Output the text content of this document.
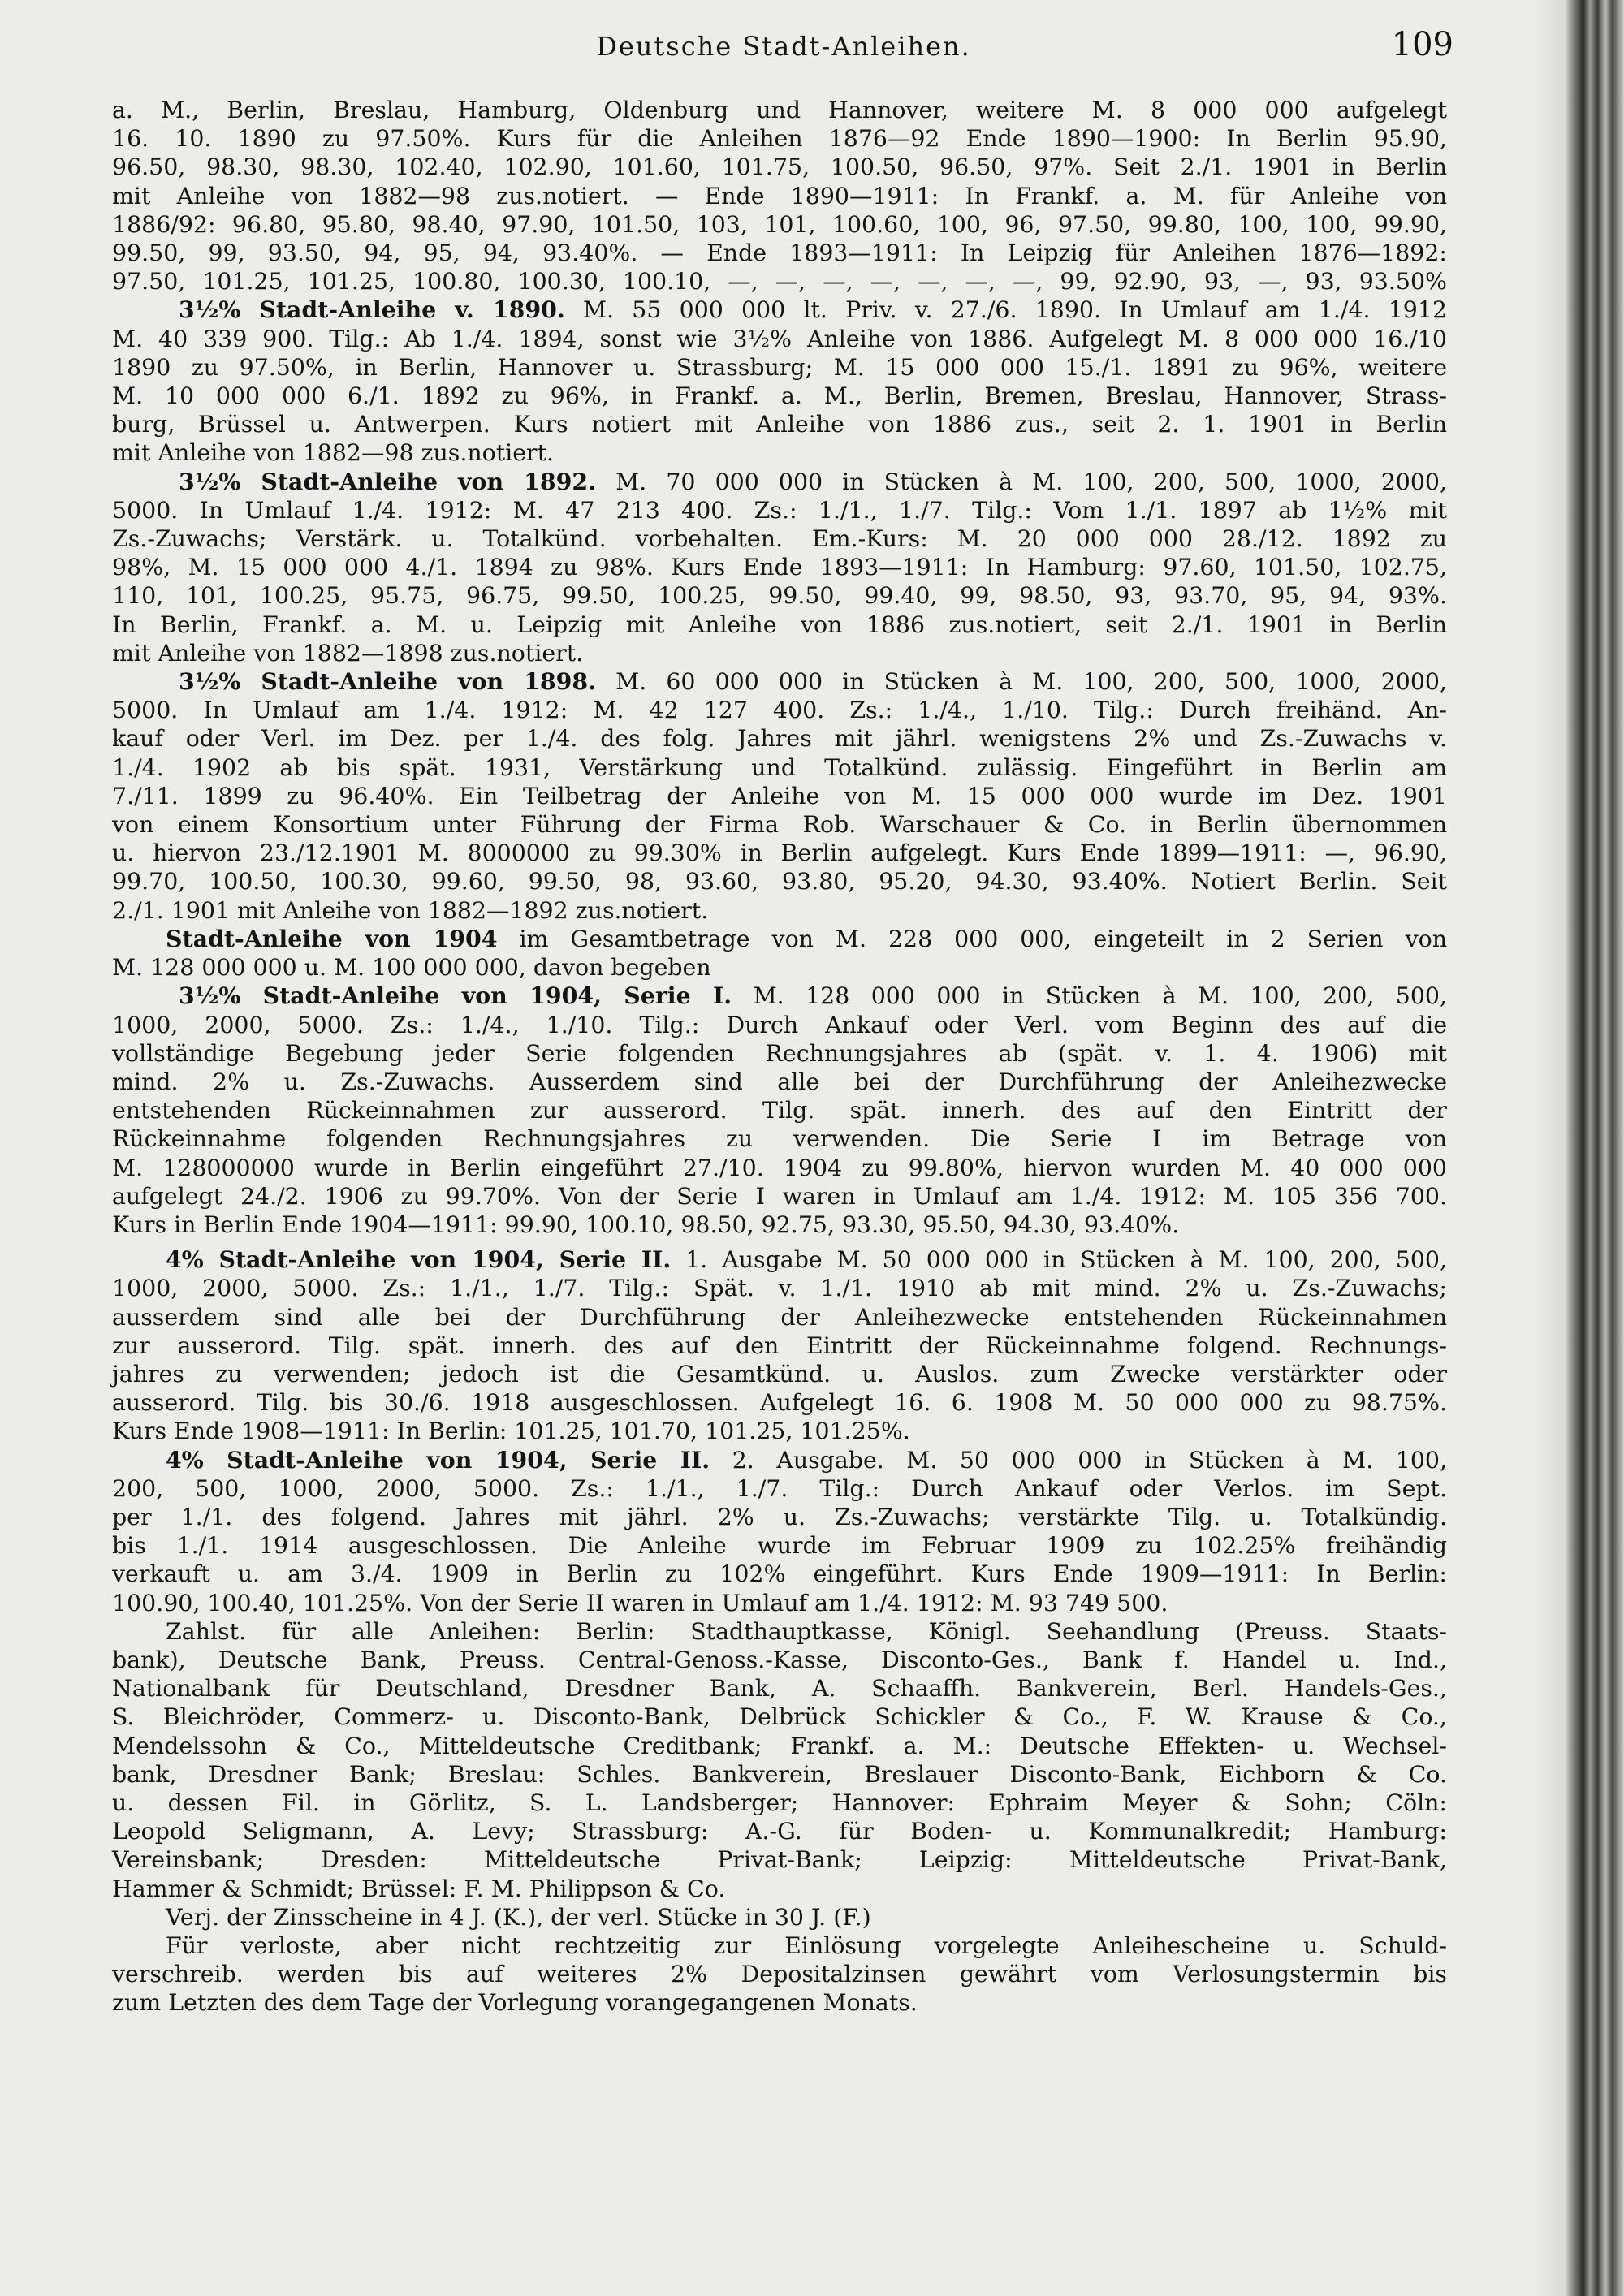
Deutsche Stadt-Anleihen.	109

a. M., Berlin, Breslau, Hamburg, Oldenburg und Hannover, weitere M. 8 000 000 aufgelegt
16. 10. 1890 zu 97.50%. Kurs für die Anleihen 1876—92 Ende 1890—1900: In Berlin 95.90,
96.50, 98.30, 98.30, 102.40, 102.90, 101.60, 101.75, 100.50, 96.50, 97%. Seit 2./1. 1901 in Berlin
mit Anleihe von 1882—98 zus.notiert. — Ende 1890—1911: In Frankf. a. M. für Anleihe von
1886/92: 96.80, 95.80, 98.40, 97.90, 101.50, 103, 101, 100.60, 100, 96, 97.50, 99.80, 100, 100, 99.90,
99.50, 99, 93.50, 94, 95, 94, 93.40%. — Ende 1893—1911: In Leipzig für Anleihen 1876—1892:

97.50, 101.25, 101.25, 100.80, 100.30, 100.10, —, —, —, —, —, —, —, 99, 92.90, 93, —, 93, 93.50%

3½% Stadt-Anleihe v. 1890. M. 55 000 000 lt. Priv. v. 27./6. 1890. In Umlauf am 1./4. 1912
M. 40 339 900. Tilg.: Ab 1./4. 1894, sonst wie 3½% Anleihe von 1886. Aufgelegt M. 8 000 000 16./10
1890 zu 97.50%, in Berlin, Hannover u. Strassburg; M. 15 000 000 15./1. 1891 zu 96%, weitere
M. 10 000 000 6./1. 1892 zu 96%, in Frankf. a. M., Berlin, Bremen, Breslau, Hannover, Strass-
burg, Brüssel u. Antwerpen. Kurs notiert mit Anleihe von 1886 zus., seit 2. 1. 1901 in Berlin
mit Anleihe von 1882—98 zus.notiert.

3½% Stadt-Anleihe von 1892. M. 70 000 000 in Stücken à M. 100, 200, 500, 1000, 2000,
5000. In Umlauf 1./4. 1912: M. 47 213 400. Zs.: 1./1., 1./7. Tilg.: Vom 1./1. 1897 ab 1½% mit
Zs.-Zuwachs; Verstärk. u. Totalkünd. vorbehalten. Em.-Kurs: M. 20 000 000 28./12. 1892 zu
98%, M. 15 000 000 4./1. 1894 zu 98%. Kurs Ende 1893—1911: In Hamburg: 97.60, 101.50, 102.75,
110, 101, 100.25, 95.75, 96.75, 99.50, 100.25, 99.50, 99.40, 99, 98.50, 93, 93.70, 95, 94, 93%.
In Berlin, Frankf. a. M. u. Leipzig mit Anleihe von 1886 zus.notiert, seit 2./1. 1901 in Berlin
mit Anleihe von 1882—1898 zus.notiert.

3½% Stadt-Anleihe von 1898. M. 60 000 000 in Stücken à M. 100, 200, 500, 1000, 2000,
5000. In Umlauf am 1./4. 1912: M. 42 127 400. Zs.: 1./4., 1./10. Tilg.: Durch freihänd. An-
kauf oder Verl. im Dez. per 1./4. des folg. Jahres mit jährl. wenigstens 2% und Zs.-Zuwachs v.
1./4. 1902 ab bis spät. 1931, Verstärkung und Totalkünd. zulässig. Eingeführt in Berlin am
7./11. 1899 zu 96.40%. Ein Teilbetrag der Anleihe von M. 15 000 000 wurde im Dez. 1901
von einem Konsortium unter Führung der Firma Rob. Warschauer & Co. in Berlin übernommen
u. hiervon 23./12.1901 M. 8000000 zu 99.30% in Berlin aufgelegt. Kurs Ende 1899—1911: —, 96.90,
99.70, 100.50, 100.30, 99.60, 99.50, 98, 93.60, 93.80, 95.20, 94.30, 93.40%. Notiert Berlin. Seit
2./1. 1901 mit Anleihe von 1882—1892 zus.notiert.

Stadt-Anleihe von 1904 im Gesamtbetrage von M. 228 000 000, eingeteilt in 2 Serien von
M. 128 000 000 u. M. 100 000 000, davon begeben

3½% Stadt-Anleihe von 1904, Serie I. M. 128 000 000 in Stücken à M. 100, 200, 500,
1000, 2000, 5000. Zs.: 1./4., 1./10. Tilg.: Durch Ankauf oder Verl. vom Beginn des auf die
vollständige Begebung jeder Serie folgenden Rechnungsjahres ab (spät. v. 1. 4. 1906) mit
mind. 2% u. Zs.-Zuwachs. Ausserdem sind alle bei der Durchführung der Anleihezwecke
entstehenden Rückeinnahmen zur ausserord. Tilg. spät. innerh. des auf den Eintritt der
Rückeinnahme folgenden Rechnungsjahres zu verwenden. Die Serie I im Betrage von
M. 128000000 wurde in Berlin eingeführt 27./10. 1904 zu 99.80%, hiervon wurden M. 40 000 000
aufgelegt 24./2. 1906 zu 99.70%. Von der Serie I waren in Umlauf am 1./4. 1912: M. 105 356 700.
Kurs in Berlin Ende 1904—1911: 99.90, 100.10, 98.50, 92.75, 93.30, 95.50, 94.30, 93.40%.

4% Stadt-Anleihe von 1904, Serie II. 1. Ausgabe M. 50 000 000 in Stücken à M. 100, 200, 500,
1000, 2000, 5000. Zs.: 1./1., 1./7. Tilg.: Spät. v. 1./1. 1910 ab mit mind. 2% u. Zs.-Zuwachs;
ausserdem sind alle bei der Durchführung der Anleihezwecke entstehenden Rückeinnahmen
zur ausserord. Tilg. spät. innerh. des auf den Eintritt der Rückeinnahme folgend. Rechnungs-
jahres zu verwenden; jedoch ist die Gesamtkünd. u. Auslos. zum Zwecke verstärkter oder
ausserord. Tilg. bis 30./6. 1918 ausgeschlossen. Aufgelegt 16. 6. 1908 M. 50 000 000 zu 98.75%.
Kurs Ende 1908—1911: In Berlin: 101.25, 101.70, 101.25, 101.25%.

4% Stadt-Anleihe von 1904, Serie II. 2. Ausgabe. M. 50 000 000 in Stücken à M. 100,
200, 500, 1000, 2000, 5000. Zs.: 1./1., 1./7. Tilg.: Durch Ankauf oder Verlos. im Sept.
per 1./1. des folgend. Jahres mit jährl. 2% u. Zs.-Zuwachs; verstärkte Tilg. u. Totalkündig.
bis 1./1. 1914 ausgeschlossen. Die Anleihe wurde im Februar 1909 zu 102.25% freihändig
verkauft u. am 3./4. 1909 in Berlin zu 102% eingeführt. Kurs Ende 1909—1911: In Berlin:
100.90, 100.40, 101.25%. Von der Serie II waren in Umlauf am 1./4. 1912: M. 93 749 500.

Zahlst. für alle Anleihen: Berlin: Stadthauptkasse, Königl. Seehandlung (Preuss. Staats-
bank), Deutsche Bank, Preuss. Central-Genoss.-Kasse, Disconto-Ges., Bank f. Handel u. Ind.,
Nationalbank für Deutschland, Dresdner Bank, A. Schaaffh. Bankverein, Berl. Handels-Ges.,
S. Bleichröder, Commerz- u. Disconto-Bank, Delbrück Schickler & Co., F. W. Krause & Co.,
Mendelssohn & Co., Mitteldeutsche Creditbank; Frankf. a. M.: Deutsche Effekten- u. Wechsel-
bank, Dresdner Bank; Breslau: Schles. Bankverein, Breslauer Disconto-Bank, Eichborn & Co.
u. dessen Fil. in Görlitz, S. L. Landsberger; Hannover: Ephraim Meyer & Sohn; Cöln:
Leopold Seligmann, A. Levy; Strassburg: A.-G. für Boden- u. Kommunalkredit; Hamburg:
Vereinsbank; Dresden: Mitteldeutsche Privat-Bank; Leipzig: Mitteldeutsche Privat-Bank,
Hammer & Schmidt; Brüssel: F. M. Philippson & Co.

Verj. der Zinsscheine in 4 J. (K.), der verl. Stücke in 30 J. (F.)

Für verloste, aber nicht rechtzeitig zur Einlösung vorgelegte Anleihescheine u. Schuld-
verschreib. werden bis auf weiteres 2% Depositalzinsen gewährt vom Verlosungstermin bis
zum Letzten des dem Tage der Vorlegung vorangegangenen Monats.
